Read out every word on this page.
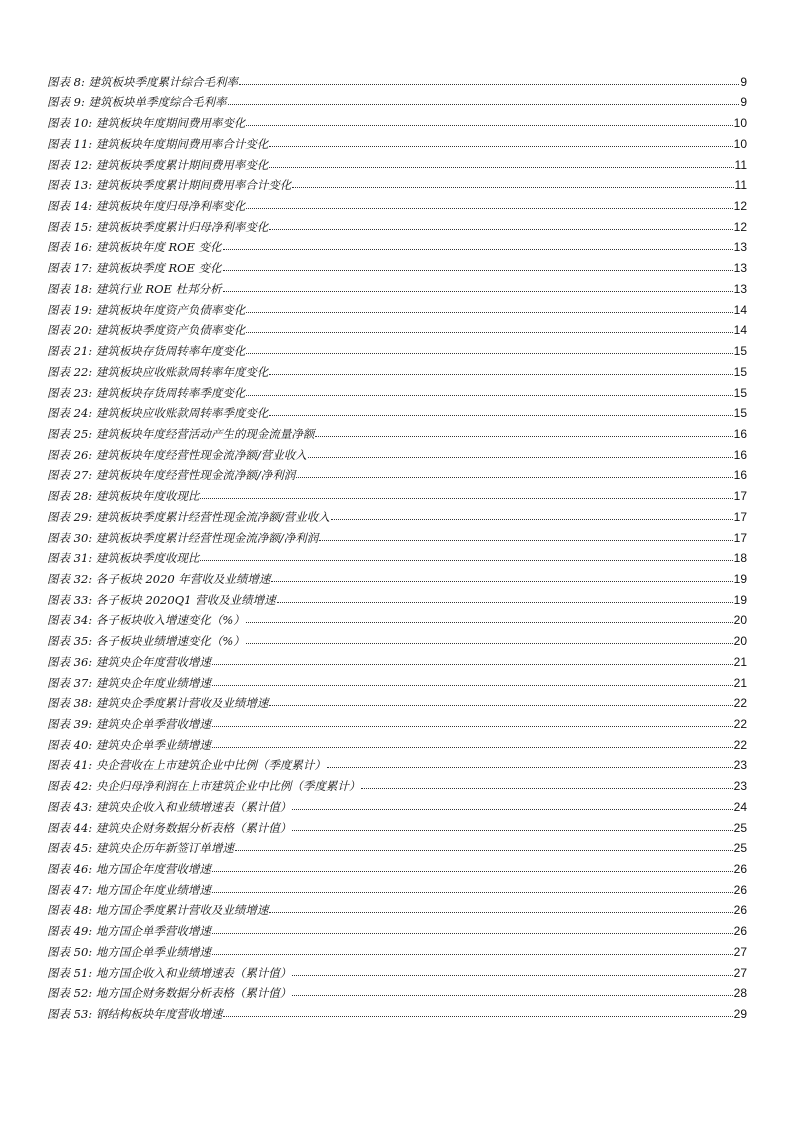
图表 8: 建筑板块季度累计综合毛利率	9
图表 9: 建筑板块单季度综合毛利率	9
图表 10: 建筑板块年度期间费用率变化	10
图表 11: 建筑板块年度期间费用率合计变化	10
图表 12: 建筑板块季度累计期间费用率变化	11
图表 13: 建筑板块季度累计期间费用率合计变化	11
图表 14: 建筑板块年度归母净利率变化	12
图表 15: 建筑板块季度累计归母净利率变化	12
图表 16: 建筑板块年度 ROE 变化	13
图表 17: 建筑板块季度 ROE 变化	13
图表 18: 建筑行业 ROE 杜邦分析	13
图表 19: 建筑板块年度资产负债率变化	14
图表 20: 建筑板块季度资产负债率变化	14
图表 21: 建筑板块存货周转率年度变化	15
图表 22: 建筑板块应收账款周转率年度变化	15
图表 23: 建筑板块存货周转率季度变化	15
图表 24: 建筑板块应收账款周转率季度变化	15
图表 25: 建筑板块年度经营活动产生的现金流量净额	16
图表 26: 建筑板块年度经营性现金流净额/营业收入	16
图表 27: 建筑板块年度经营性现金流净额/净利润	16
图表 28: 建筑板块年度收现比	17
图表 29: 建筑板块季度累计经营性现金流净额/营业收入	17
图表 30: 建筑板块季度累计经营性现金流净额/净利润	17
图表 31: 建筑板块季度收现比	18
图表 32: 各子板块 2020 年营收及业绩增速	19
图表 33: 各子板块 2020Q1 营收及业绩增速	19
图表 34: 各子板块收入增速变化（%）	20
图表 35: 各子板块业绩增速变化（%）	20
图表 36: 建筑央企年度营收增速	21
图表 37: 建筑央企年度业绩增速	21
图表 38: 建筑央企季度累计营收及业绩增速	22
图表 39: 建筑央企单季营收增速	22
图表 40: 建筑央企单季业绩增速	22
图表 41: 央企营收在上市建筑企业中比例（季度累计）	23
图表 42: 央企归母净利润在上市建筑企业中比例（季度累计）	23
图表 43: 建筑央企收入和业绩增速表（累计值）	24
图表 44: 建筑央企财务数据分析表格（累计值）	25
图表 45: 建筑央企历年新签订单增速	25
图表 46: 地方国企年度营收增速	26
图表 47: 地方国企年度业绩增速	26
图表 48: 地方国企季度累计营收及业绩增速	26
图表 49: 地方国企单季营收增速	26
图表 50: 地方国企单季业绩增速	27
图表 51: 地方国企收入和业绩增速表（累计值）	27
图表 52: 地方国企财务数据分析表格（累计值）	28
图表 53: 钢结构板块年度营收增速	29
